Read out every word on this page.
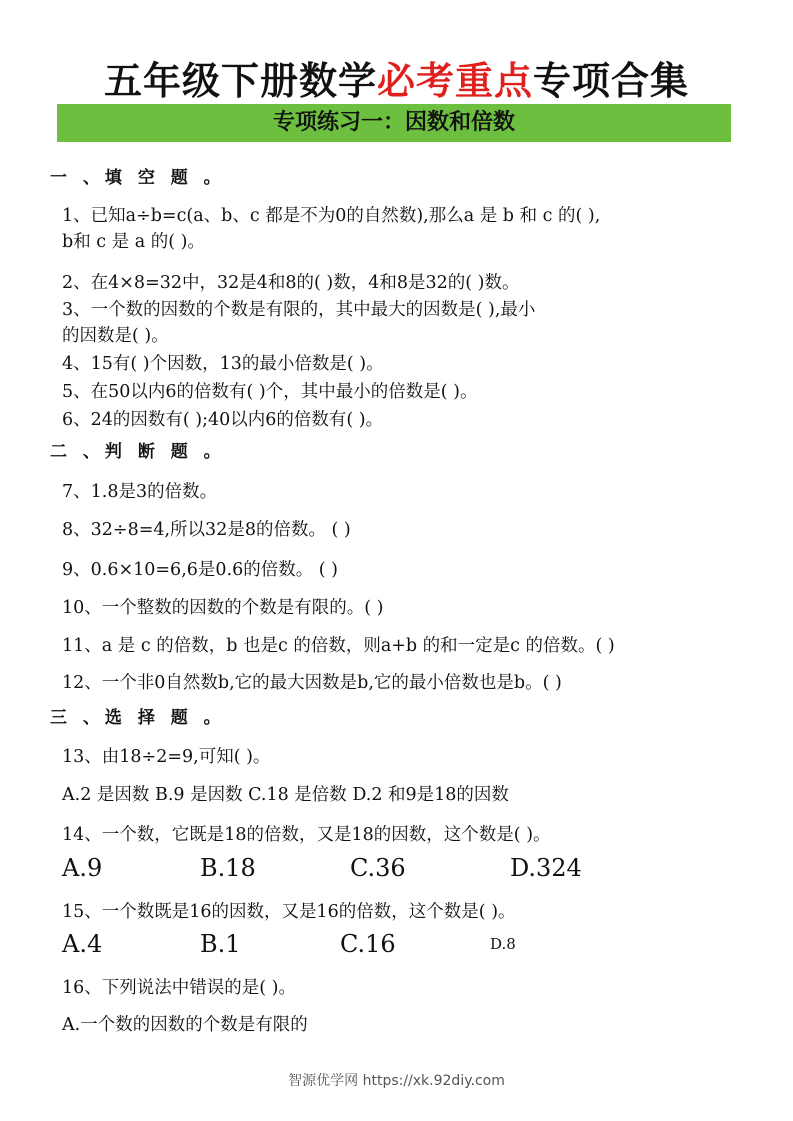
五年级下册数学必考重点专项合集
专项练习一：因数和倍数
一 、填 空 题 。
1、已知a÷b=c(a、b、c 都是不为0的自然数),那么a 是 b 和 c 的( ),
b和 c 是 a 的( )。
2、在4×8=32中，32是4和8的( )数，4和8是32的( )数。
3、一个数的因数的个数是有限的，其中最大的因数是( ),最小
的因数是( )。
4、15有( )个因数，13的最小倍数是( )。
5、在50以内6的倍数有( )个，其中最小的倍数是( )。
6、24的因数有( );40以内6的倍数有( )。
二 、判 断 题 。
7、1.8是3的倍数。
8、32÷8=4,所以32是8的倍数。 ( )
9、0.6×10=6,6是0.6的倍数。 ( )
10、一个整数的因数的个数是有限的。( )
11、a 是 c 的倍数，b 也是c 的倍数，则a+b 的和一定是c 的倍数。( )
12、一个非0自然数b,它的最大因数是b,它的最小倍数也是b。( )
三 、选 择 题 。
13、由18÷2=9,可知( )。
A.2 是因数 B.9 是因数 C.18 是倍数 D.2 和9是18的因数
14、一个数，它既是18的倍数，又是18的因数，这个数是( )。
A.9	B.18	C.36	D.324
15、一个数既是16的因数，又是16的倍数，这个数是( )。
A.4	B.1	C.16	D.8
16、下列说法中错误的是( )。
A.一个数的因数的个数是有限的
智源优学网 https://xk.92diy.com
